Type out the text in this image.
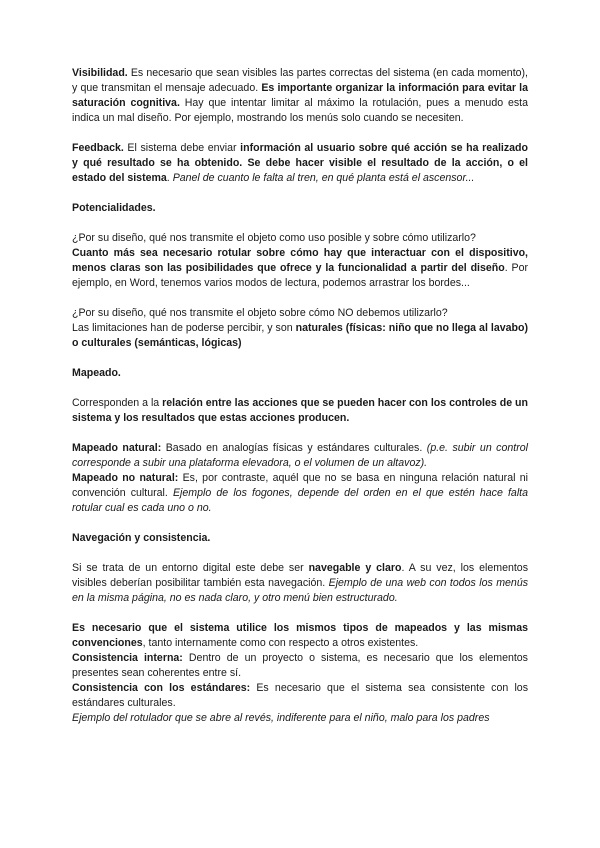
Visibilidad. Es necesario que sean visibles las partes correctas del sistema (en cada momento), y que transmitan el mensaje adecuado. Es importante organizar la información para evitar la saturación cognitiva. Hay que intentar limitar al máximo la rotulación, pues a menudo esta indica un mal diseño. Por ejemplo, mostrando los menús solo cuando se necesiten.

Feedback. El sistema debe enviar información al usuario sobre qué acción se ha realizado y qué resultado se ha obtenido. Se debe hacer visible el resultado de la acción, o el estado del sistema. Panel de cuanto le falta al tren, en qué planta está el ascensor...

Potencialidades.

¿Por su diseño, qué nos transmite el objeto como uso posible y sobre cómo utilizarlo?

Cuanto más sea necesario rotular sobre cómo hay que interactuar con el dispositivo, menos claras son las posibilidades que ofrece y la funcionalidad a partir del diseño. Por ejemplo, en Word, tenemos varios modos de lectura, podemos arrastrar los bordes...

¿Por su diseño, qué nos transmite el objeto sobre cómo NO debemos utilizarlo?

Las limitaciones han de poderse percibir, y son naturales (físicas: niño que no llega al lavabo) o culturales (semánticas, lógicas)

Mapeado.

Corresponden a la relación entre las acciones que se pueden hacer con los controles de un sistema y los resultados que estas acciones producen.

Mapeado natural: Basado en analogías físicas y estándares culturales. (p.e. subir un control corresponde a subir una plataforma elevadora, o el volumen de un altavoz).

Mapeado no natural: Es, por contraste, aquél que no se basa en ninguna relación natural ni convención cultural. Ejemplo de los fogones, depende del orden en el que estén hace falta rotular cual es cada uno o no.

Navegación y consistencia.

Si se trata de un entorno digital este debe ser navegable y claro. A su vez, los elementos visibles deberían posibilitar también esta navegación. Ejemplo de una web con todos los menús en la misma página, no es nada claro, y otro menú bien estructurado.

Es necesario que el sistema utilice los mismos tipos de mapeados y las mismas convenciones, tanto internamente como con respecto a otros existentes.

Consistencia interna: Dentro de un proyecto o sistema, es necesario que los elementos presentes sean coherentes entre sí.

Consistencia con los estándares: Es necesario que el sistema sea consistente con los estándares culturales.

Ejemplo del rotulador que se abre al revés, indiferente para el niño, malo para los padres
